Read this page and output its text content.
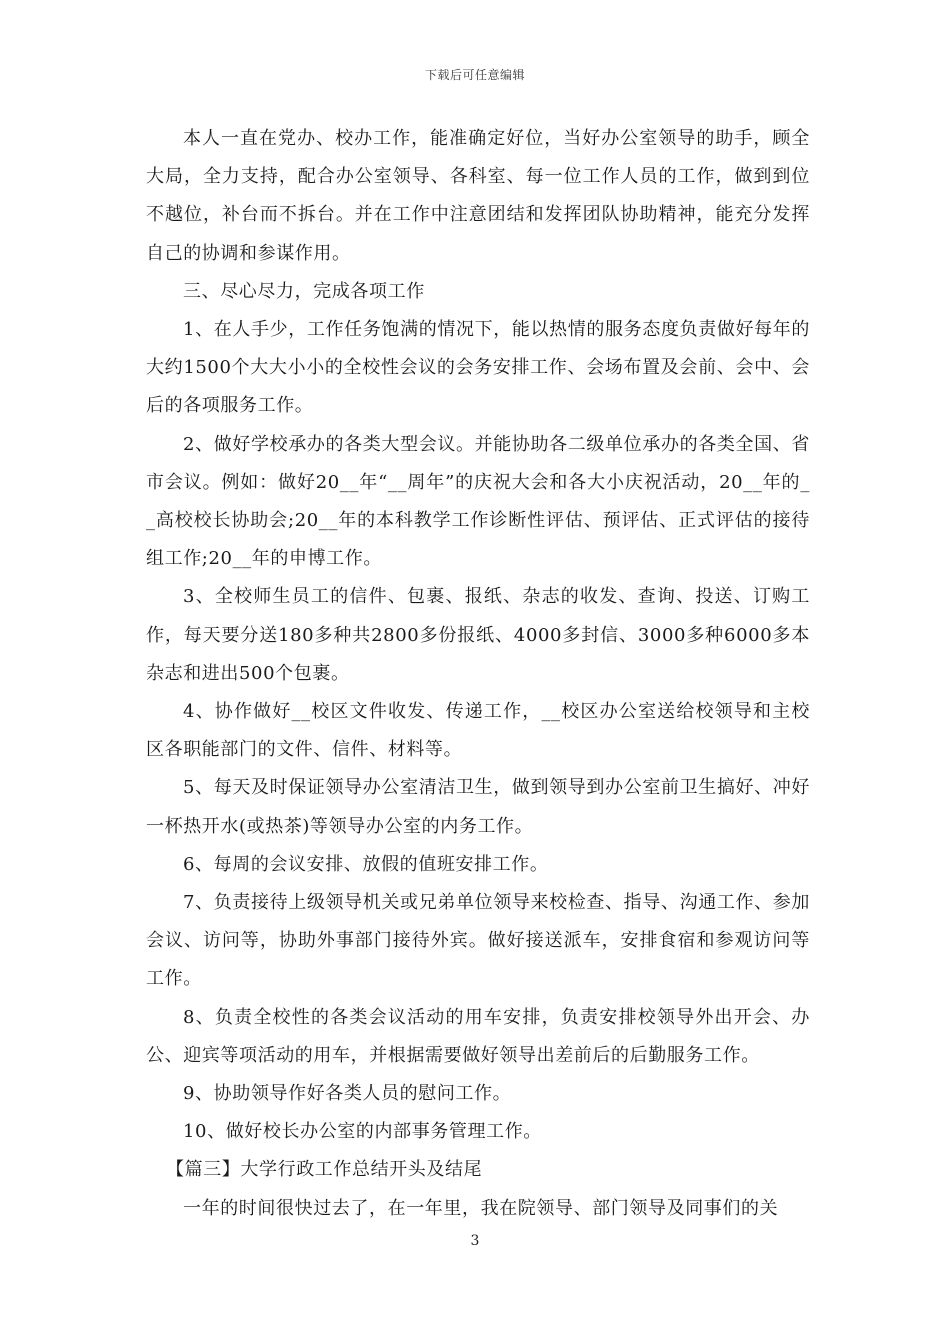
下载后可任意编辑

本人一直在党办、校办工作，能准确定好位，当好办公室领导的助手，顾全大局，全力支持，配合办公室领导、各科室、每一位工作人员的工作，做到到位不越位，补台而不拆台。并在工作中注意团结和发挥团队协助精神，能充分发挥自己的协调和参谋作用。

三、尽心尽力，完成各项工作

1、在人手少，工作任务饱满的情况下，能以热情的服务态度负责做好每年的大约1500个大大小小的全校性会议的会务安排工作、会场布置及会前、会中、会后的各项服务工作。

2、做好学校承办的各类大型会议。并能协助各二级单位承办的各类全国、省市会议。例如：做好20__年“__周年”的庆祝大会和各大小庆祝活动，20__年的__高校校长协助会;20__年的本科教学工作诊断性评估、预评估、正式评估的接待组工作;20__年的申博工作。

3、全校师生员工的信件、包裹、报纸、杂志的收发、查询、投送、订购工作，每天要分送180多种共2800多份报纸、4000多封信、3000多种6000多本杂志和进出500个包裹。

4、协作做好__校区文件收发、传递工作，__校区办公室送给校领导和主校区各职能部门的文件、信件、材料等。

5、每天及时保证领导办公室清洁卫生，做到领导到办公室前卫生搞好、冲好一杯热开水(或热茶)等领导办公室的内务工作。

6、每周的会议安排、放假的值班安排工作。

7、负责接待上级领导机关或兄弟单位领导来校检查、指导、沟通工作、参加会议、访问等，协助外事部门接待外宾。做好接送派车，安排食宿和参观访问等工作。

8、负责全校性的各类会议活动的用车安排，负责安排校领导外出开会、办公、迎宾等项活动的用车，并根据需要做好领导出差前后的后勤服务工作。

9、协助领导作好各类人员的慰问工作。

10、做好校长办公室的内部事务管理工作。

【篇三】大学行政工作总结开头及结尾

一年的时间很快过去了，在一年里，我在院领导、部门领导及同事们的关

3
